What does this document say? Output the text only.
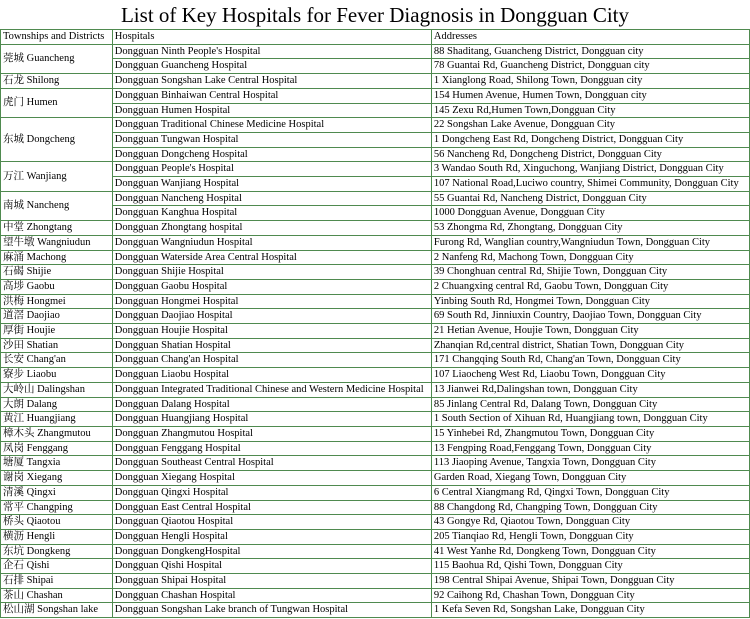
List of Key Hospitals for Fever Diagnosis in Dongguan City
Townships and Districts	Hospitals	Addresses
莞城 Guancheng	Dongguan Ninth People's Hospital	88 Shaditang, Guancheng District, Dongguan city
	Dongguan Guancheng Hospital	78 Guantai Rd, Guancheng District, Dongguan city
石龙 Shilong	Dongguan Songshan Lake Central Hospital	1 Xianglong Road, Shilong Town, Dongguan city
虎门 Humen	Dongguan Binhaiwan Central Hospital	154 Humen Avenue, Humen Town, Dongguan city
	Dongguan Humen Hospital	145 Zexu Rd,Humen Town,Dongguan City
东城 Dongcheng	Dongguan Traditional Chinese Medicine Hospital	22 Songshan Lake Avenue, Dongguan City
	Dongguan Tungwan Hospital	1 Dongcheng East Rd, Dongcheng District, Dongguan City
	Dongguan Dongcheng Hospital	56 Nancheng Rd, Dongcheng District, Dongguan City
万江 Wanjiang	Dongguan People's Hospital	3 Wandao South Rd, Xinguchong, Wanjiang District, Dongguan City
	Dongguan Wanjiang Hospital	107 National Road,Luciwo country, Shimei Community, Dongguan City
南城 Nancheng	Dongguan Nancheng Hospital	55 Guantai Rd, Nancheng District, Dongguan City
	Dongguan Kanghua Hospital	1000 Dongguan Avenue, Dongguan City
中堂 Zhongtang	Dongguan Zhongtang hospital	53 Zhongma Rd, Zhongtang, Dongguan City
望牛墩 Wangniudun	Dongguan Wangniudun Hospital	Furong Rd, Wanglian country,Wangniudun Town, Dongguan City
麻涌 Machong	Dongguan Waterside Area Central Hospital	2 Nanfeng Rd, Machong Town, Dongguan City
石碣 Shijie	Dongguan Shijie Hospital	39 Chonghuan central Rd, Shijie Town, Dongguan City
高埗 Gaobu	Dongguan Gaobu Hospital	2 Chuangxing central Rd, Gaobu Town, Dongguan City
洪梅 Hongmei	Dongguan Hongmei Hospital	Yinbing South Rd, Hongmei Town, Dongguan City
道滘 Daojiao	Dongguan Daojiao Hospital	69 South Rd, Jinniuxin Country, Daojiao Town, Dongguan City
厚街 Houjie	Dongguan Houjie Hospital	21 Hetian Avenue, Houjie Town, Dongguan City
沙田 Shatian	Dongguan Shatian Hospital	Zhanqian Rd,central district, Shatian Town, Dongguan City
长安 Chang'an	Dongguan Chang'an Hospital	171 Changqing South Rd, Chang'an Town, Dongguan City
寮步 Liaobu	Dongguan Liaobu Hospital	107 Liaocheng West Rd, Liaobu Town, Dongguan City
大岭山 Dalingshan	Dongguan Integrated Traditional Chinese and Western Medicine Hospital	13 Jianwei Rd,Dalingshan town, Dongguan City
大朗 Dalang	Dongguan Dalang Hospital	85 Jinlang Central Rd, Dalang Town, Dongguan City
黄江 Huangjiang	Dongguan Huangjiang Hospital	1 South Section of Xihuan Rd, Huangjiang town, Dongguan City
樟木头 Zhangmutou	Dongguan Zhangmutou Hospital	15 Yinhebei Rd, Zhangmutou Town, Dongguan City
凤岗 Fenggang	Dongguan Fenggang Hospital	13 Fengping Road,Fenggang Town, Dongguan City
塘厦 Tangxia	Dongguan Southeast Central Hospital	113 Jiaoping Avenue, Tangxia Town, Dongguan City
谢岗 Xiegang	Dongguan Xiegang Hospital	Garden Road, Xiegang Town, Dongguan City
清溪 Qingxi	Dongguan Qingxi Hospital	6 Central Xiangmang Rd, Qingxi Town, Dongguan City
常平 Changping	Dongguan East Central Hospital	88 Changdong Rd, Changping Town, Dongguan City
桥头 Qiaotou	Dongguan Qiaotou Hospital	43 Gongye Rd, Qiaotou Town, Dongguan City
横沥 Hengli	Dongguan Hengli Hospital	205 Tianqiao Rd, Hengli Town, Dongguan City
东坑 Dongkeng	Dongguan DongkengHospital	41 West Yanhe Rd, Dongkeng Town, Dongguan City
企石 Qishi	Dongguan Qishi Hospital	115 Baohua Rd, Qishi Town, Dongguan City
石排 Shipai	Dongguan Shipai Hospital	198 Central Shipai Avenue, Shipai Town, Dongguan City
茶山 Chashan	Dongguan Chashan Hospital	92 Caihong Rd, Chashan Town, Dongguan City
松山湖 Songshan lake	Dongguan Songshan Lake branch of Tungwan Hospital	1 Kefa Seven Rd, Songshan Lake, Dongguan City
